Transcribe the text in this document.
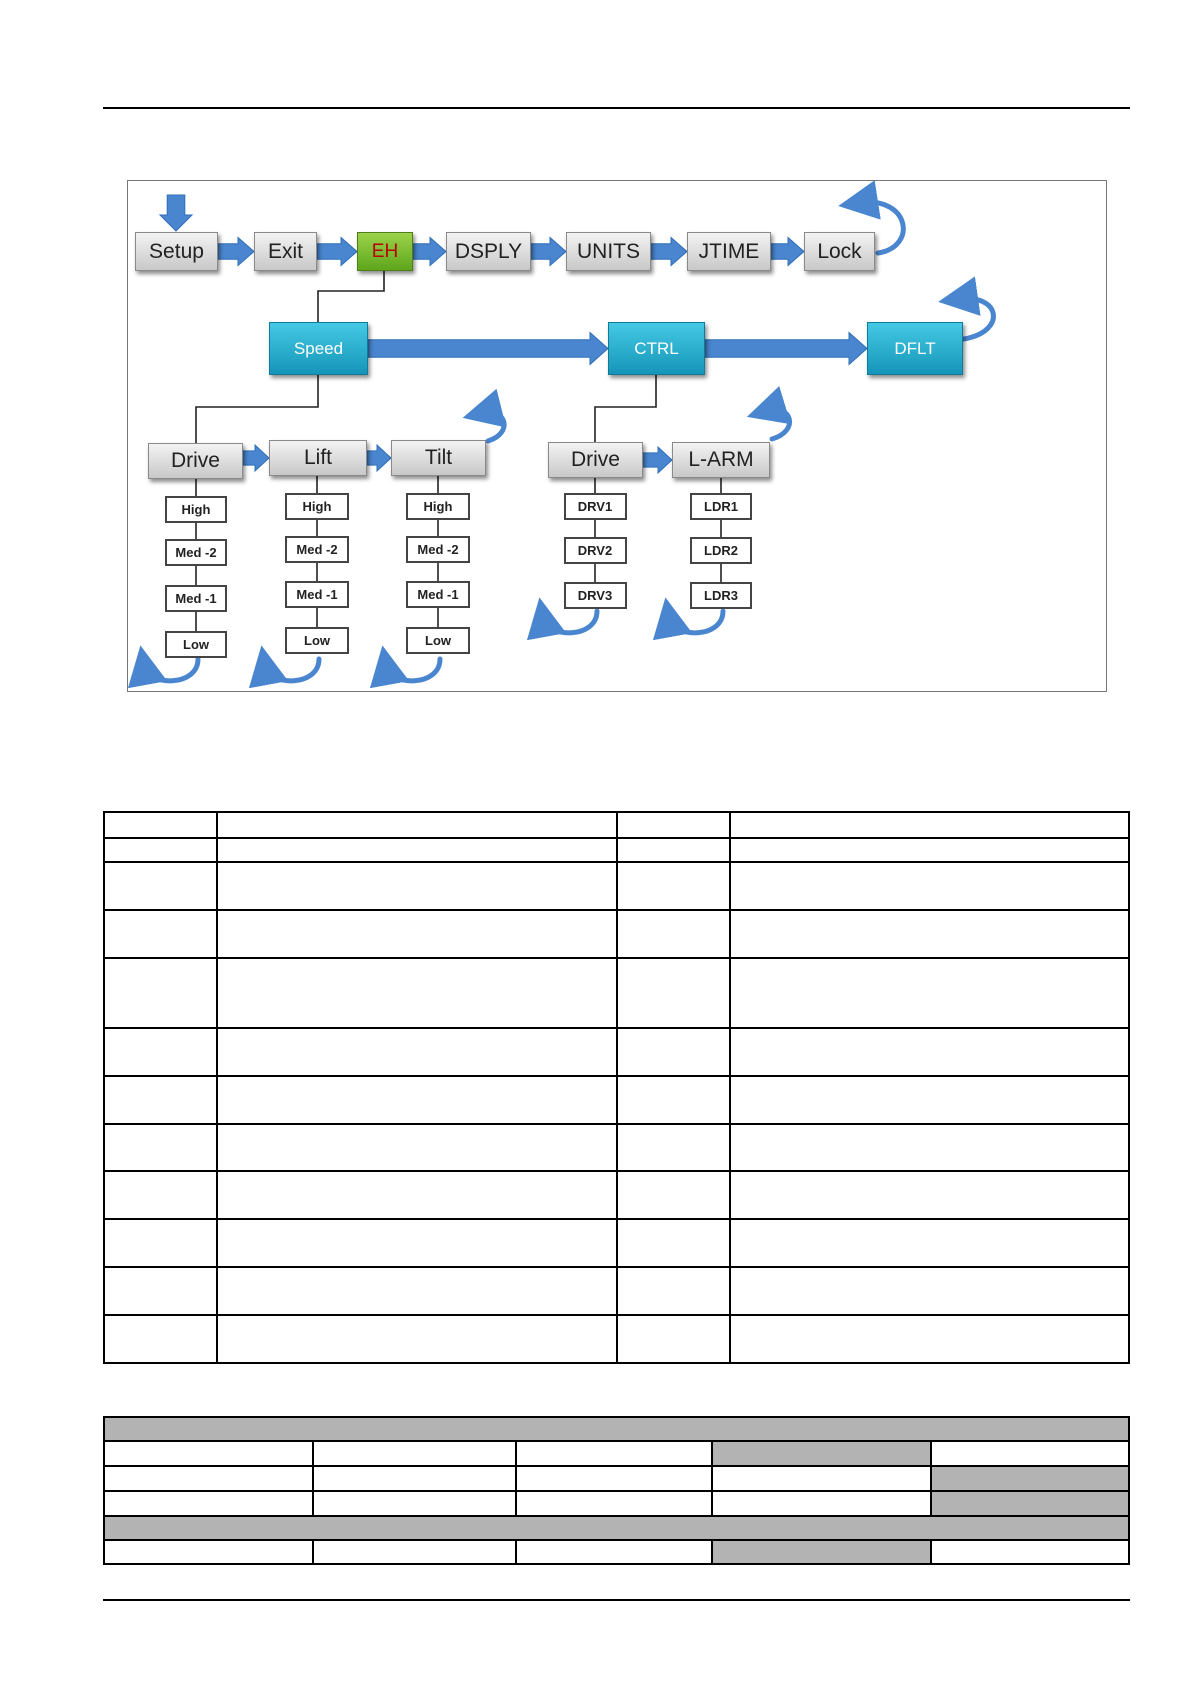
Setup	Exit	EH	DSPLY	UNITS	JTIME	Lock
Speed	CTRL	DFLT
Drive
High
Med -2
Med -1
Low
Lift
High
Med -2
Med -1
Low
Tilt
High
Med -2
Med -1
Low
Drive
DRV1
DRV2
DRV3
L-ARM
LDR1
LDR2
LDR3
